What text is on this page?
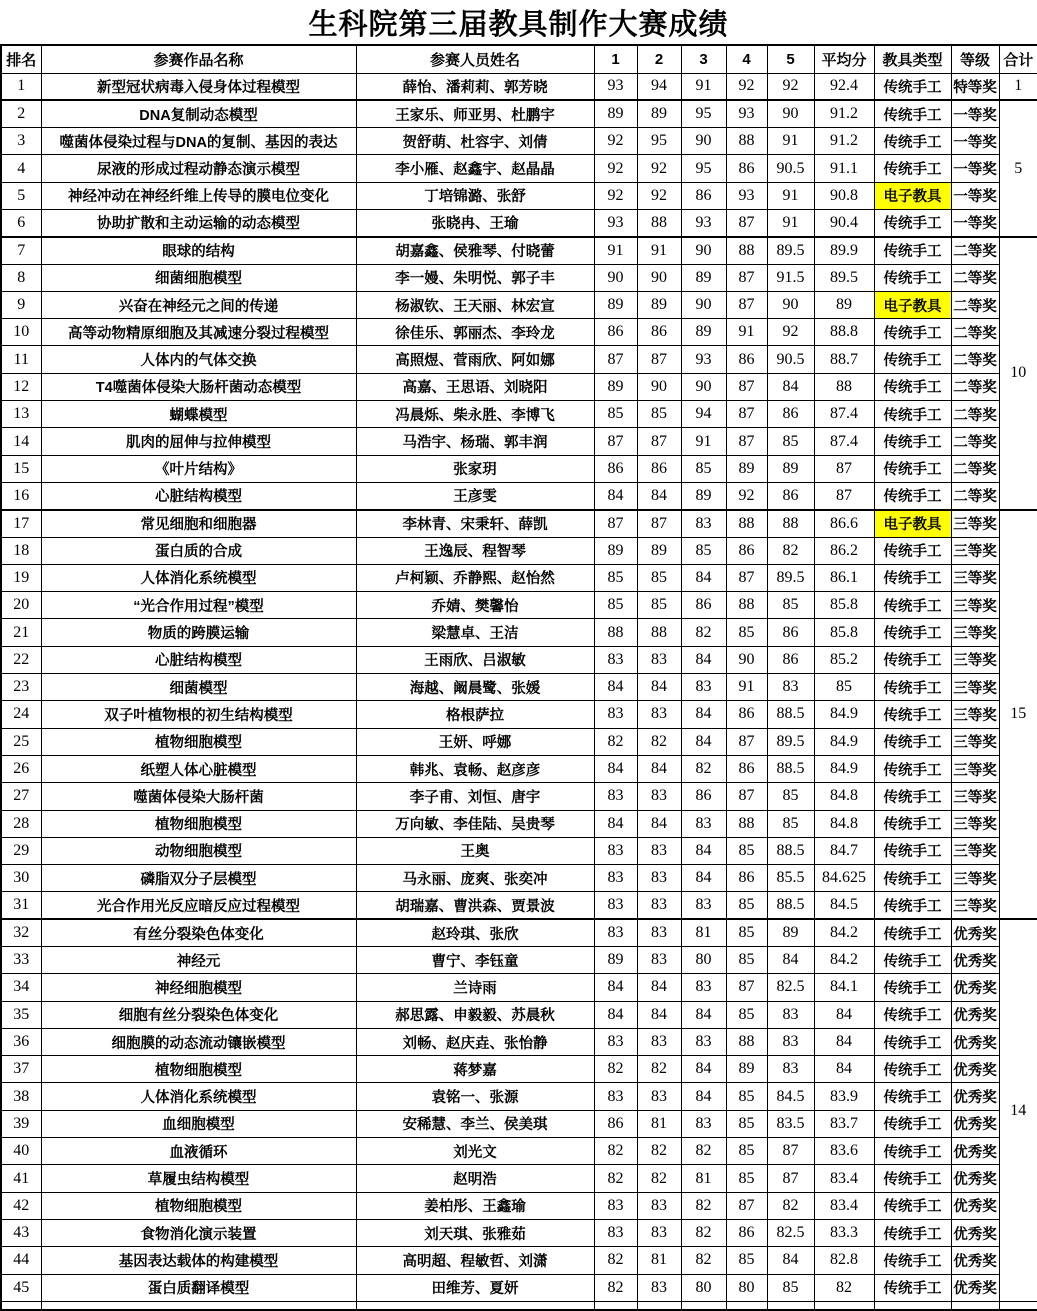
生科院第三届教具制作大赛成绩
排名	参赛作品名称	参赛人员姓名	1	2	3	4	5	平均分	教具类型	等级	合计
1	新型冠状病毒入侵身体过程模型	薛怡、潘莉莉、郭芳晓	93	94	91	92	92	92.4	传统手工	特等奖	1
2	DNA复制动态模型	王家乐、师亚男、杜鹏宇	89	89	95	93	90	91.2	传统手工	一等奖	5
3	噬菌体侵染过程与DNA的复制、基因的表达	贺舒萌、杜容宇、刘倩	92	95	90	88	91	91.2	传统手工	一等奖	
4	尿液的形成过程动静态演示模型	李小雁、赵鑫宇、赵晶晶	92	92	95	86	90.5	91.1	传统手工	一等奖	
5	神经冲动在神经纤维上传导的膜电位变化	丁培锦潞、张舒	92	92	86	93	91	90.8	电子教具	一等奖	
6	协助扩散和主动运输的动态模型	张晓冉、王瑜	93	88	93	87	91	90.4	传统手工	一等奖	
7	眼球的结构	胡嘉鑫、侯雅琴、付晓蕾	91	91	90	88	89.5	89.9	传统手工	二等奖	10
8	细菌细胞模型	李一嫚、朱明悦、郭子丰	90	90	89	87	91.5	89.5	传统手工	二等奖	
9	兴奋在神经元之间的传递	杨淑钦、王天丽、林宏宣	89	89	90	87	90	89	电子教具	二等奖	
10	高等动物精原细胞及其减速分裂过程模型	徐佳乐、郭丽杰、李玲龙	86	86	89	91	92	88.8	传统手工	二等奖	
11	人体内的气体交换	高照煜、菅雨欣、阿如娜	87	87	93	86	90.5	88.7	传统手工	二等奖	
12	T4噬菌体侵染大肠杆菌动态模型	高嘉、王思语、刘晓阳	89	90	90	87	84	88	传统手工	二等奖	
13	蝴蝶模型	冯晨烁、柴永胜、李博飞	85	85	94	87	86	87.4	传统手工	二等奖	
14	肌肉的屈伸与拉伸模型	马浩宇、杨瑞、郭丰润	87	87	91	87	85	87.4	传统手工	二等奖	
15	《叶片结构》	张家玥	86	86	85	89	89	87	传统手工	二等奖	
16	心脏结构模型	王彦雯	84	84	89	92	86	87	传统手工	二等奖	
17	常见细胞和细胞器	李林青、宋秉轩、薛凯	87	87	83	88	88	86.6	电子教具	三等奖	15
18	蛋白质的合成	王逸辰、程智琴	89	89	85	86	82	86.2	传统手工	三等奖	
19	人体消化系统模型	卢柯颖、乔静熙、赵怡然	85	85	84	87	89.5	86.1	传统手工	三等奖	
20	“光合作用过程”模型	乔婧、樊馨怡	85	85	86	88	85	85.8	传统手工	三等奖	
21	物质的跨膜运输	梁慧卓、王洁	88	88	82	85	86	85.8	传统手工	三等奖	
22	心脏结构模型	王雨欣、吕淑敏	83	83	84	90	86	85.2	传统手工	三等奖	
23	细菌模型	海越、阚晨鹭、张媛	84	84	83	91	83	85	传统手工	三等奖	
24	双子叶植物根的初生结构模型	格根萨拉	83	83	84	86	88.5	84.9	传统手工	三等奖	
25	植物细胞模型	王妍、呼娜	82	82	84	87	89.5	84.9	传统手工	三等奖	
26	纸塑人体心脏模型	韩兆、袁畅、赵彦彦	84	84	82	86	88.5	84.9	传统手工	三等奖	
27	噬菌体侵染大肠杆菌	李子甫、刘恒、唐宇	83	83	86	87	85	84.8	传统手工	三等奖	
28	植物细胞模型	万向敏、李佳陆、吴贵琴	84	84	83	88	85	84.8	传统手工	三等奖	
29	动物细胞模型	王奥	83	83	84	85	88.5	84.7	传统手工	三等奖	
30	磷脂双分子层模型	马永丽、庞爽、张奕冲	83	83	84	86	85.5	84.625	传统手工	三等奖	
31	光合作用光反应暗反应过程模型	胡瑞嘉、曹洪森、贾景波	83	83	83	85	88.5	84.5	传统手工	三等奖	
32	有丝分裂染色体变化	赵玲琪、张欣	83	83	81	85	89	84.2	传统手工	优秀奖	14
33	神经元	曹宁、李钰童	89	83	80	85	84	84.2	传统手工	优秀奖	
34	神经细胞模型	兰诗雨	84	84	83	87	82.5	84.1	传统手工	优秀奖	
35	细胞有丝分裂染色体变化	郝思露、申毅毅、苏晨秋	84	84	84	85	83	84	传统手工	优秀奖	
36	细胞膜的动态流动镶嵌模型	刘畅、赵庆垚、张怡静	83	83	83	88	83	84	传统手工	优秀奖	
37	植物细胞模型	蒋梦嘉	82	82	84	89	83	84	传统手工	优秀奖	
38	人体消化系统模型	袁铭一、张源	83	83	84	85	84.5	83.9	传统手工	优秀奖	
39	血细胞模型	安稀慧、李兰、侯美琪	86	81	83	85	83.5	83.7	传统手工	优秀奖	
40	血液循环	刘光文	82	82	82	85	87	83.6	传统手工	优秀奖	
41	草履虫结构模型	赵明浩	82	82	81	85	87	83.4	传统手工	优秀奖	
42	植物细胞模型	姜柏彤、王鑫瑜	83	83	82	87	82	83.4	传统手工	优秀奖	
43	食物消化演示装置	刘天琪、张雅茹	83	83	82	86	82.5	83.3	传统手工	优秀奖	
44	基因表达载体的构建模型	高明超、程敏哲、刘潇	82	81	82	85	84	82.8	传统手工	优秀奖	
45	蛋白质翻译模型	田维芳、夏妍	82	83	80	80	85	82	传统手工	优秀奖	
